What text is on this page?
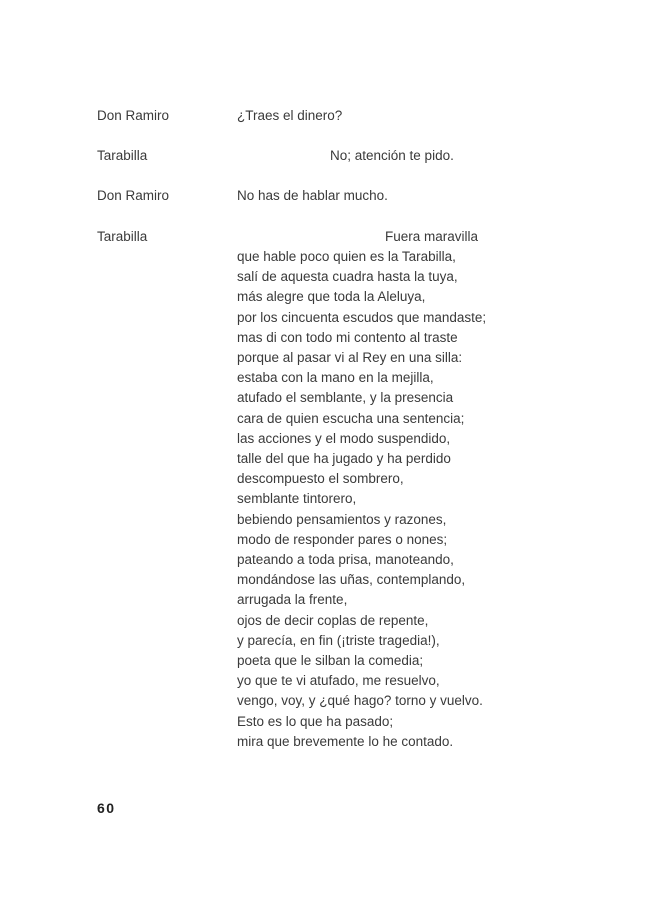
Don Ramiro	¿Traes el dinero?
Tarabilla	No; atención te pido.
Don Ramiro	No has de hablar mucho.
Tarabilla	Fuera maravilla
que hable poco quien es la Tarabilla,
salí de aquesta cuadra hasta la tuya,
más alegre que toda la Aleluya,
por los cincuenta escudos que mandaste;
mas di con todo mi contento al traste
porque al pasar vi al Rey en una silla:
estaba con la mano en la mejilla,
atufado el semblante, y la presencia
cara de quien escucha una sentencia;
las acciones y el modo suspendido,
talle del que ha jugado y ha perdido
descompuesto el sombrero,
semblante tintorero,
bebiendo pensamientos y razones,
modo de responder pares o nones;
pateando a toda prisa, manoteando,
mondándose las uñas, contemplando,
arrugada la frente,
ojos de decir coplas de repente,
y parecía, en fin (¡triste tragedia!),
poeta que le silban la comedia;
yo que te vi atufado, me resuelvo,
vengo, voy, y ¿qué hago? torno y vuelvo.
Esto es lo que ha pasado;
mira que brevemente lo he contado.
60
